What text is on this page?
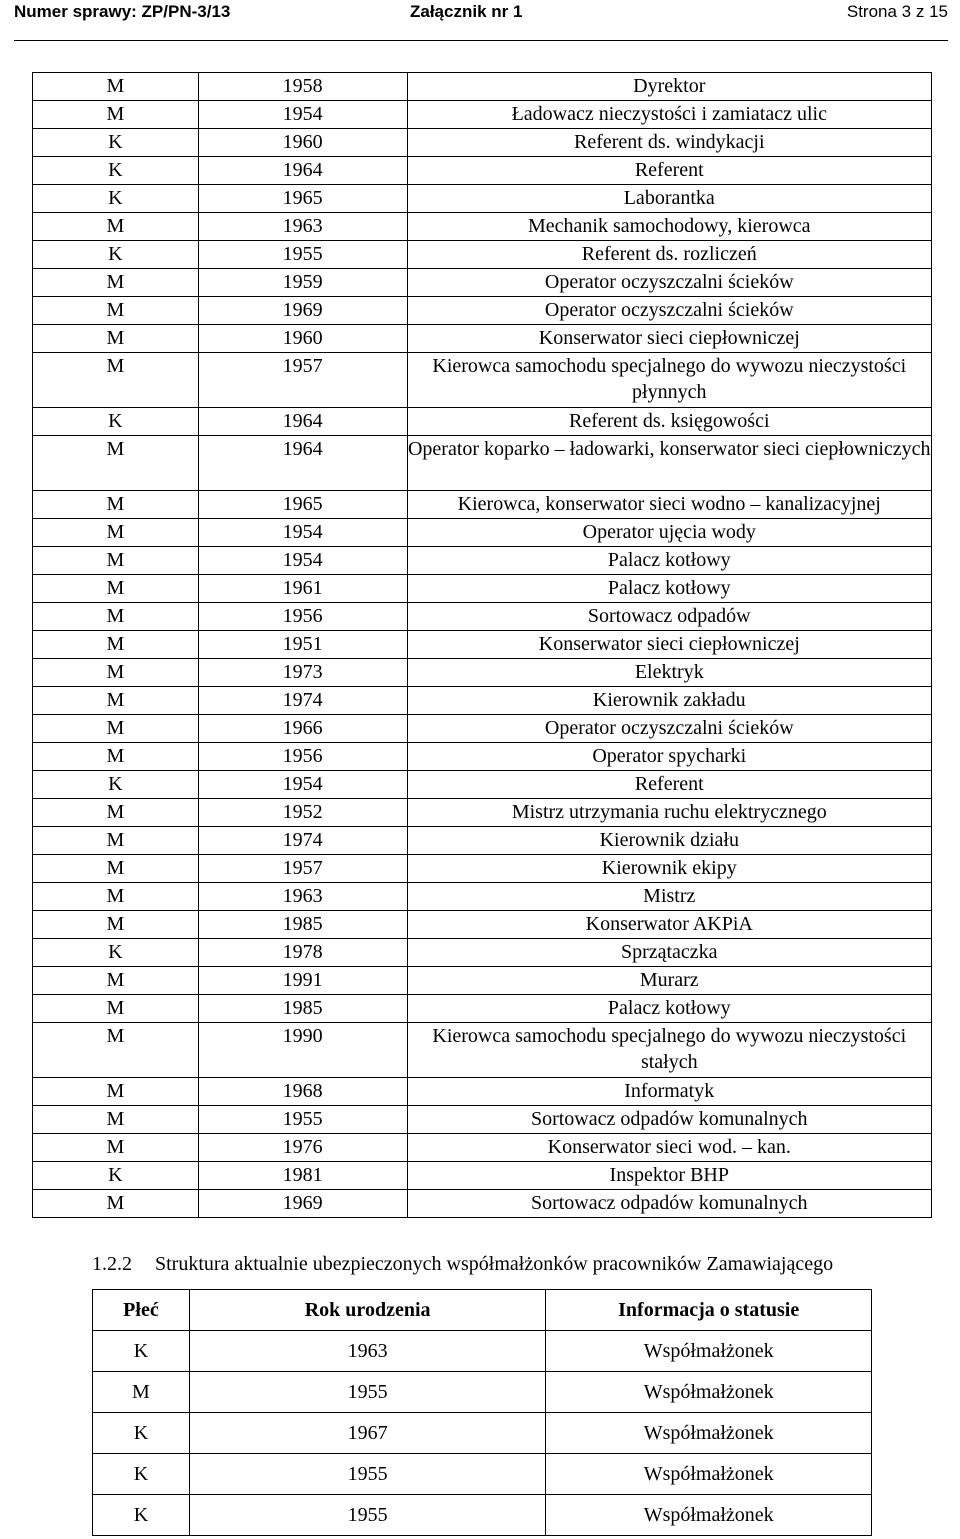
Numer sprawy: ZP/PN-3/13	Załącznik nr 1	Strona 3 z 15
M	1958	Dyrektor
M	1954	Ładowacz nieczystości i zamiatacz ulic
K	1960	Referent ds. windykacji
K	1964	Referent
K	1965	Laborantka
M	1963	Mechanik samochodowy, kierowca
K	1955	Referent ds. rozliczeń
M	1959	Operator oczyszczalni ścieków
M	1969	Operator oczyszczalni ścieków
M	1960	Konserwator sieci ciepłowniczej
M	1957	Kierowca samochodu specjalnego do wywozu nieczystości płynnych
K	1964	Referent ds. księgowości
M	1964	Operator koparko – ładowarki, konserwator sieci ciepłowniczych
M	1965	Kierowca, konserwator sieci wodno – kanalizacyjnej
M	1954	Operator ujęcia wody
M	1954	Palacz kotłowy
M	1961	Palacz kotłowy
M	1956	Sortowacz odpadów
M	1951	Konserwator sieci ciepłowniczej
M	1973	Elektryk
M	1974	Kierownik zakładu
M	1966	Operator oczyszczalni ścieków
M	1956	Operator spycharki
K	1954	Referent
M	1952	Mistrz utrzymania ruchu elektrycznego
M	1974	Kierownik działu
M	1957	Kierownik ekipy
M	1963	Mistrz
M	1985	Konserwator AKPiA
K	1978	Sprzątaczka
M	1991	Murarz
M	1985	Palacz kotłowy
M	1990	Kierowca samochodu specjalnego do wywozu nieczystości stałych
M	1968	Informatyk
M	1955	Sortowacz odpadów komunalnych
M	1976	Konserwator sieci wod. – kan.
K	1981	Inspektor BHP
M	1969	Sortowacz odpadów komunalnych
1.2.2 Struktura aktualnie ubezpieczonych współmałżonków pracowników Zamawiającego
Płeć	Rok urodzenia	Informacja o statusie
K	1963	Współmałżonek
M	1955	Współmałżonek
K	1967	Współmałżonek
K	1955	Współmałżonek
K	1955	Współmałżonek
